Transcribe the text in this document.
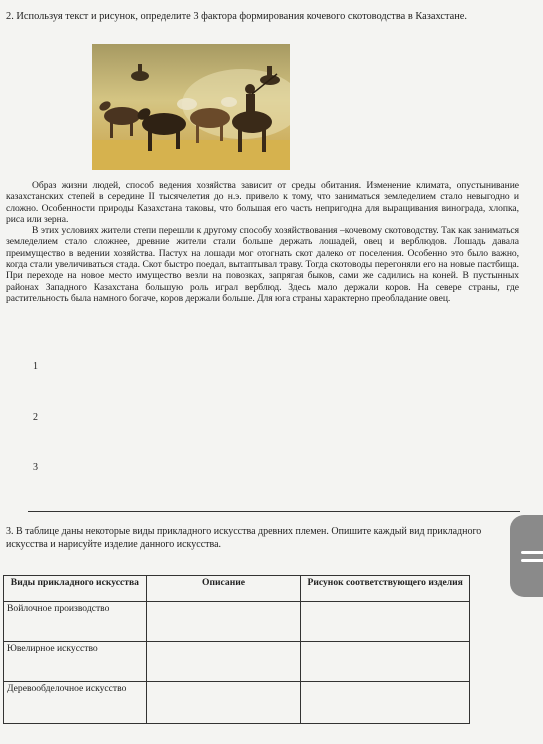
2. Используя текст и рисунок, определите 3 фактора формирования кочевого скотоводства в Казахстане.

Образ жизни людей, способ ведения хозяйства зависит от среды обитания. Изменение климата, опустынивание казахстанских степей в середине II тысячелетия до н.э. привело к тому, что заниматься земледелием стало невыгодно и сложно. Особенности природы Казахстана таковы, что большая его часть непригодна для выращивания винограда, хлопка, риса или зерна.

В этих условиях жители степи перешли к другому способу хозяйствования –кочевому скотоводству. Так как заниматься земледелием стало сложнее, древние жители стали больше держать лошадей, овец и верблюдов. Лошадь давала преимущество в ведении хозяйства. Пастух на лошади мог отогнать скот далеко от поселения. Особенно это было важно, когда стали увеличиваться стада. Скот быстро поедал, вытаптывал траву. Тогда скотоводы перегоняли его на новые пастбища. При переходе на новое место имущество везли на повозках, запрягая быков, сами же садились на коней. В пустынных районах Западного Казахстана большую роль играл верблюд. Здесь мало держали коров. На севере страны, где растительность была намного богаче, коров держали больше. Для юга страны характерно преобладание овец.

1
2
3
3. В таблице даны некоторые виды прикладного искусства древних племен. Опишите каждый вид прикладного искусства и нарисуйте изделие данного искусства.
Виды прикладного искусства	Описание	Рисунок соответствующего изделия
Войлочное производство		
Ювелирное искусство		
Деревообделочное искусство		
